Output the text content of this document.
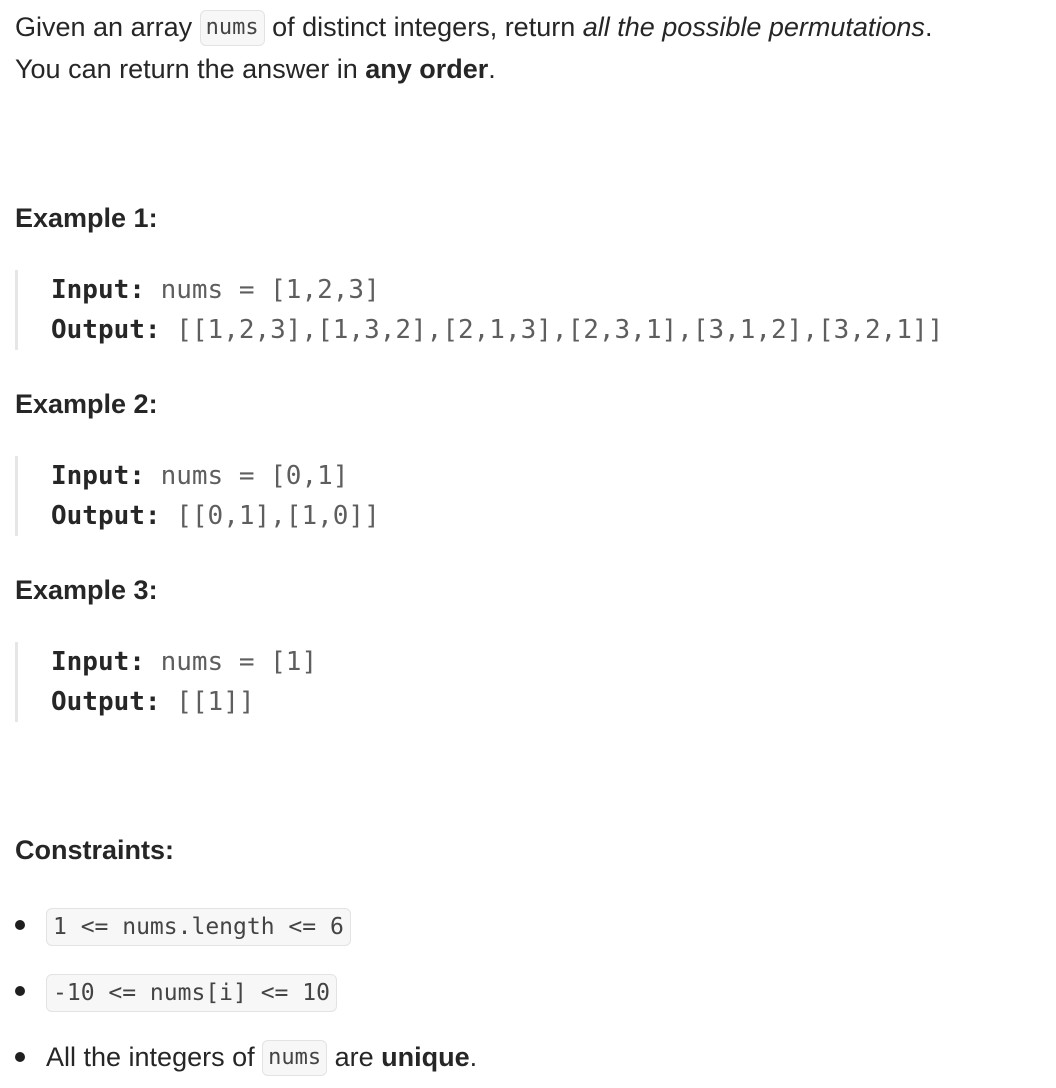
Given an array nums of distinct integers, return all the possible permutations.
You can return the answer in any order.
Example 1:
Input: nums = [1,2,3]
Output: [[1,2,3],[1,3,2],[2,1,3],[2,3,1],[3,1,2],[3,2,1]]
Example 2:
Input: nums = [0,1]
Output: [[0,1],[1,0]]
Example 3:
Input: nums = [1]
Output: [[1]]
Constraints:
1 <= nums.length <= 6
-10 <= nums[i] <= 10
All the integers of nums are unique.
